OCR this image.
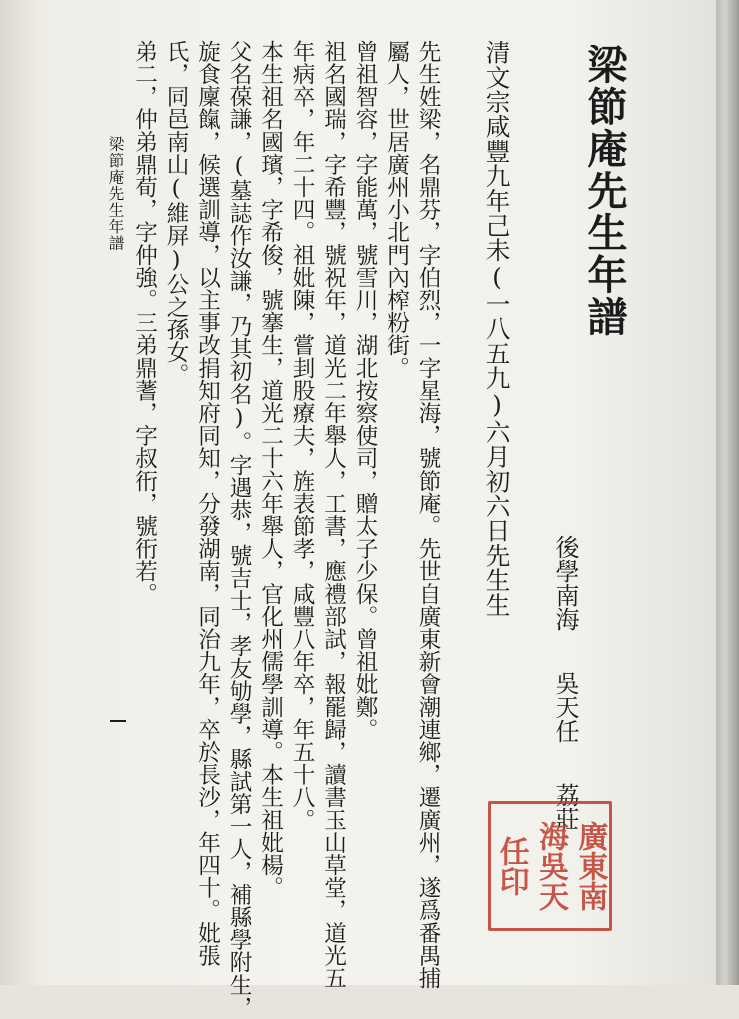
梁節庵先生年譜
後學南海吳天任荔莊
清文宗咸豐九年己未(一八五九)六月初六日先生生
先生姓梁，名鼎芬，字伯烈，一字星海，號節庵。先世自廣東新會潮連鄉，遷廣州，遂爲番禺捕
屬人，世居廣州小北門內榨粉街。
曾祖智容，字能萬，號雪川，湖北按察使司，贈太子少保。曾祖妣鄭。
祖名國瑞，字希豐，號祝年，道光二年舉人，工書，應禮部試，報罷歸，讀書玉山草堂，道光五
年病卒，年二十四。祖妣陳，嘗刲股療夫，旌表節孝，咸豐八年卒，年五十八。
本生祖名國璸，字希俊，號搴生，道光二十六年舉人，官化州儒學訓導。本生祖妣楊。
父名葆謙，(墓誌作汝謙，乃其初名)。字遇恭，號吉士，孝友劬學，縣試第一人，補縣學附生，
旋食廩餼，候選訓導，以主事改捐知府同知，分發湖南，同治九年，卒於長沙，年四十。妣張
氏，同邑南山(維屏)公之孫女。
弟二，仲弟鼎荀，字仲強。三弟鼎蓍，字叔衎，號衎若。
梁節庵先生年譜
廣東南
海吳天
任印
